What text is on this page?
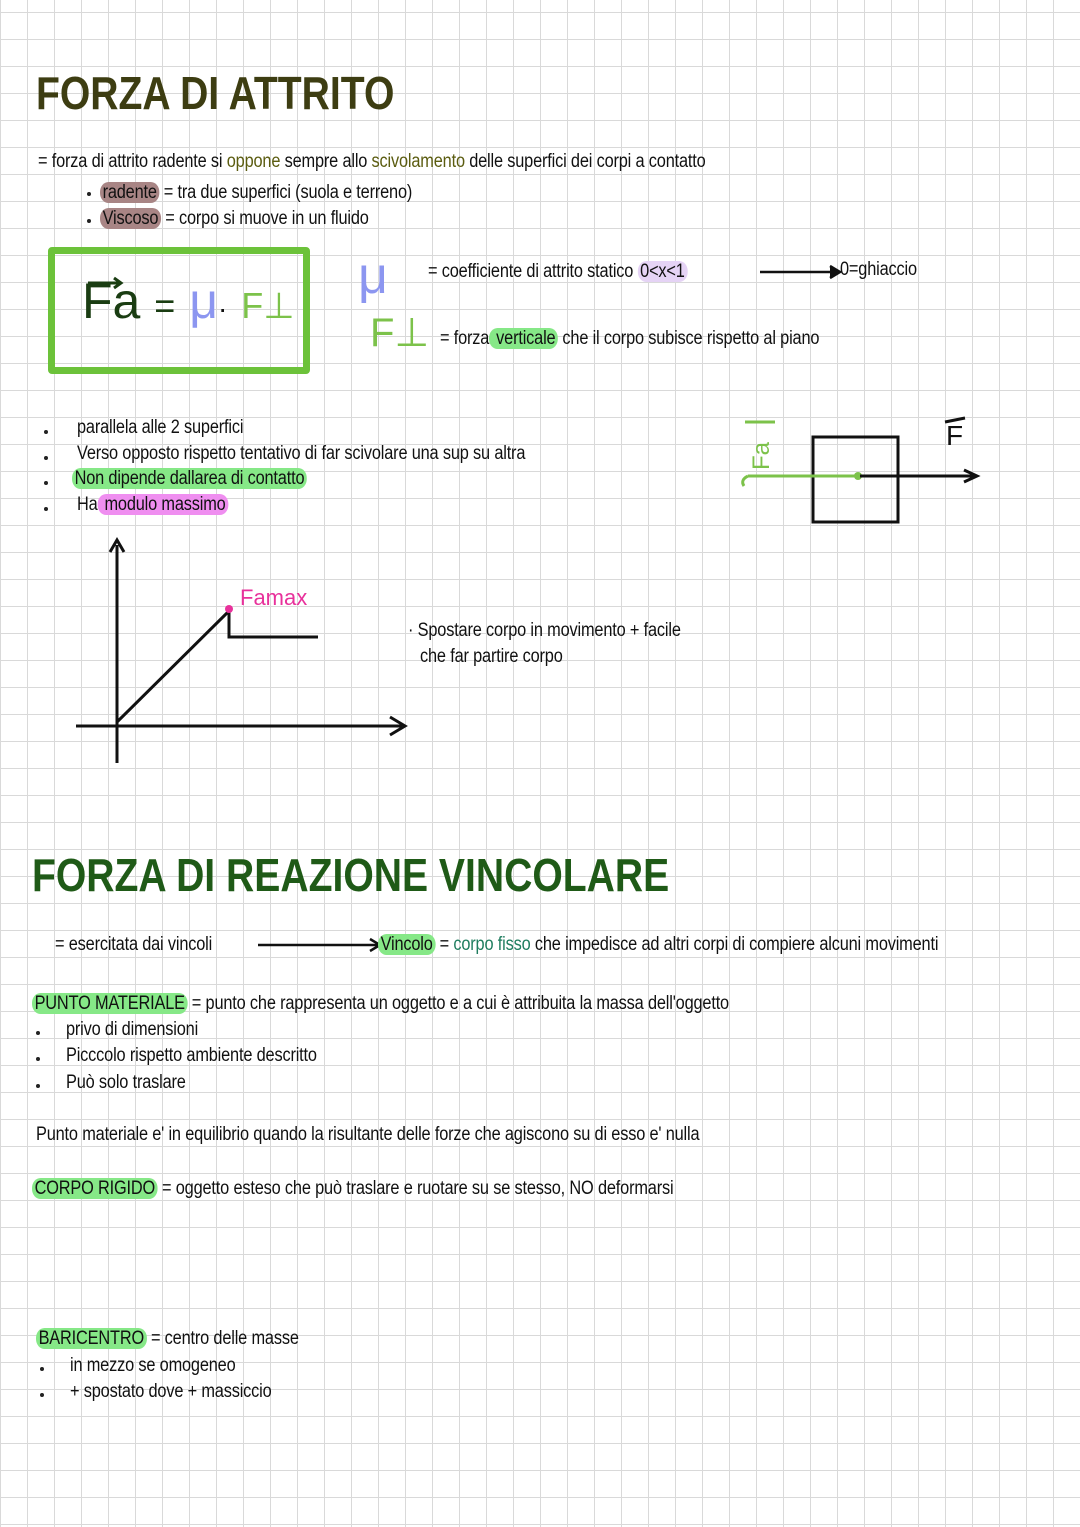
FORZA DI ATTRITO
= forza di attrito radente si oppone sempre allo scivolamento delle superfici dei corpi a contatto
radente = tra due superfici (suola e terreno)
Viscoso = corpo si muove in un fluido
Fa = μ· F⊥
μ = coefficiente di attrito statico 0<x<1	0=ghiaccio
F⊥ = forza verticale che il corpo subisce rispetto al piano
parallela alle 2 superfici
Verso opposto rispetto tentativo di far scivolare una sup su altra
Non dipende dallarea di contatto
Ha modulo massimo
Fa
F
Famax
· Spostare corpo in movimento + facile
che far partire corpo
FORZA DI REAZIONE VINCOLARE
= esercitata dai vincoli	Vincolo = corpo fisso che impedisce ad altri corpi di compiere alcuni movimenti
PUNTO MATERIALE = punto che rappresenta un oggetto e a cui è attribuita la massa dell'oggetto
privo di dimensioni
Picccolo rispetto ambiente descritto
Può solo traslare
Punto materiale e' in equilibrio quando la risultante delle forze che agiscono su di esso e' nulla
CORPO RIGIDO = oggetto esteso che può traslare e ruotare su se stesso, NO deformarsi
BARICENTRO = centro delle masse
in mezzo se omogeneo
+ spostato dove + massiccio
